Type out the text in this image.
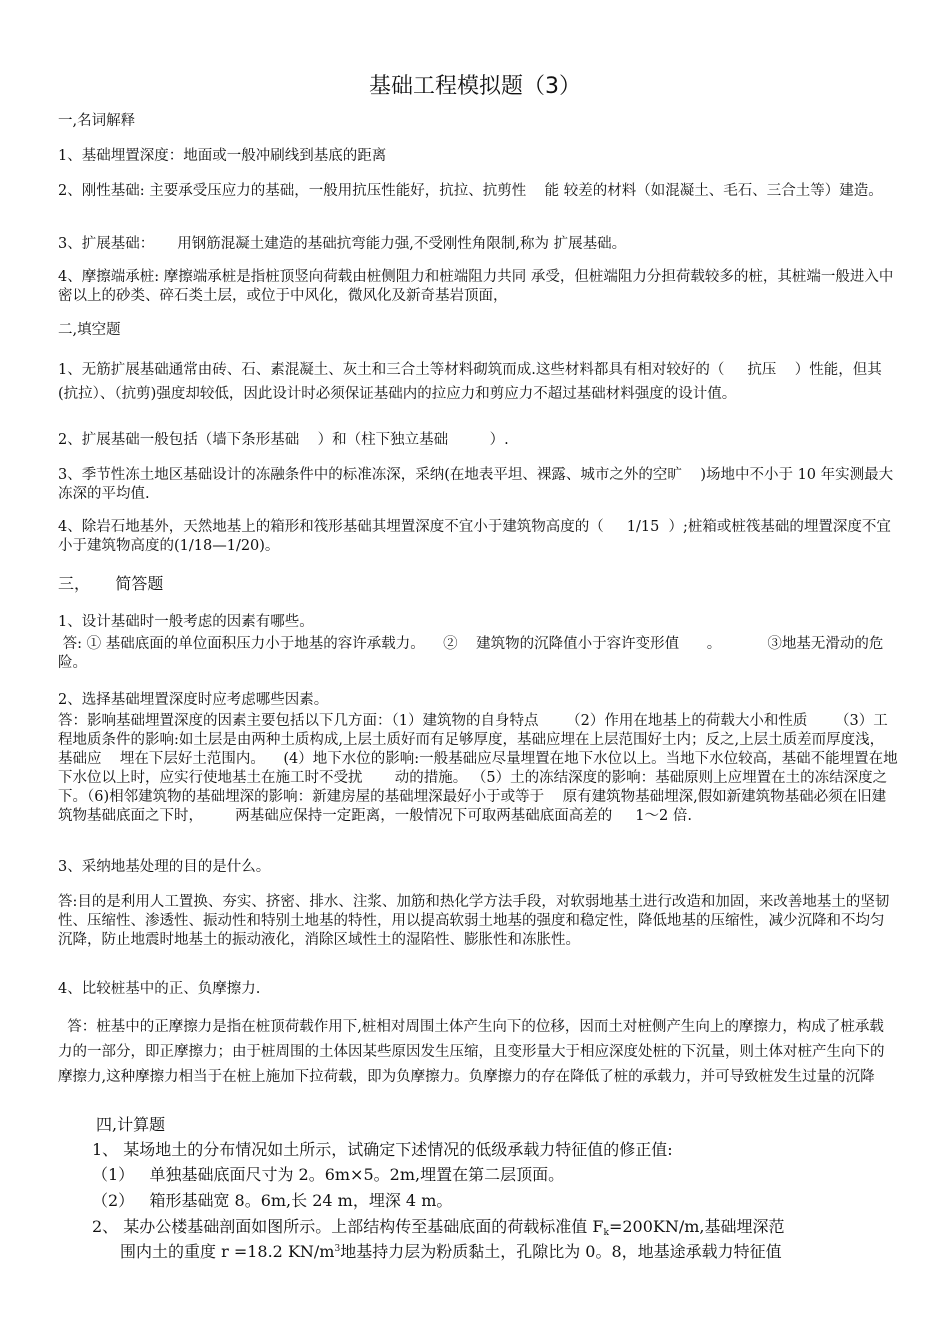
基础工程模拟题（3）
一,名词解释
1、基础埋置深度：地面或一般冲刷线到基底的距离
2、刚性基础: 主要承受压应力的基础，一般用抗压性能好，抗拉、抗剪性    能 较差的材料（如混凝土、毛石、三合土等）建造。
3、扩展基础：     用钢筋混凝土建造的基础抗弯能力强,不受刚性角限制,称为 扩展基础。
4、摩擦端承桩: 摩擦端承桩是指桩顶竖向荷载由桩侧阻力和桩端阻力共同 承受，但桩端阻力分担荷载较多的桩，其桩端一般进入中密以上的砂类、碎石类土层，或位于中风化，微风化及新奇基岩顶面，
二,填空题
1、无筋扩展基础通常由砖、石、素混凝土、灰土和三合土等材料砌筑而成.这些材料都具有相对较好的（     抗压    ）性能，但其(抗拉）、（抗剪)强度却较低，因此设计时必须保证基础内的拉应力和剪应力不超过基础材料强度的设计值。
2、扩展基础一般包括（墙下条形基础    ）和（柱下独立基础         ）.
3、季节性冻土地区基础设计的冻融条件中的标准冻深，采纳(在地表平坦、裸露、城市之外的空旷    )场地中不小于 10 年实测最大冻深的平均值.
4、除岩石地基外，天然地基上的箱形和筏形基础其埋置深度不宜小于建筑物高度的（     1/15  ）;桩箱或桩筏基础的埋置深度不宜小于建筑物高度的(1/18—1/20)。
三，     简答题
1、设计基础时一般考虑的因素有哪些。
答: ① 基础底面的单位面积压力小于地基的容许承载力。    ②    建筑物的沉降值小于容许变形值      。          ③地基无滑动的危险。
2、选择基础埋置深度时应考虑哪些因素。
答：影响基础埋置深度的因素主要包括以下几方面：（1）建筑物的自身特点      （2）作用在地基上的荷载大小和性质      （3）工程地质条件的影响:如土层是由两种土质构成,上层土质好而有足够厚度，基础应埋在上层范围好土内；反之,上层土质差而厚度浅，基础应    埋在下层好土范围内。    (4）地下水位的影响:一般基础应尽量埋置在地下水位以上。当地下水位较高，基础不能埋置在地下水位以上时，应实行使地基土在施工时不受扰       动的措施。 （5）土的冻结深度的影响：基础原则上应埋置在土的冻结深度之下。（6)相邻建筑物的基础埋深的影响：新建房屋的基础埋深最好小于或等于    原有建筑物基础埋深,假如新建筑物基础必须在旧建筑物基础底面之下时，       两基础应保持一定距离，一般情况下可取两基础底面高差的     1～2 倍.
3、采纳地基处理的目的是什么。
答:目的是利用人工置换、夯实、挤密、排水、注浆、加筋和热化学方法手段，对软弱地基土进行改造和加固，来改善地基土的坚韧性、压缩性、渗透性、振动性和特别土地基的特性，用以提高软弱土地基的强度和稳定性，降低地基的压缩性，减少沉降和不均匀沉降，防止地震时地基土的振动液化，消除区域性土的湿陷性、膨胀性和冻胀性。
4、比较桩基中的正、负摩擦力.
答：桩基中的正摩擦力是指在桩顶荷载作用下,桩相对周围土体产生向下的位移，因而土对桩侧产生向上的摩擦力，构成了桩承载力的一部分，即正摩擦力；由于桩周围的土体因某些原因发生压缩，且变形量大于相应深度处桩的下沉量，则土体对桩产生向下的摩擦力,这种摩擦力相当于在桩上施加下拉荷载，即为负摩擦力。负摩擦力的存在降低了桩的承载力，并可导致桩发生过量的沉降
四,计算题
1、 某场地土的分布情况如土所示，试确定下述情况的低级承载力特征值的修正值:
（1）   单独基础底面尺寸为 2。6m×5。2m,埋置在第二层顶面。
（2）   箱形基础宽 8。6m,长 24 m，埋深 4 m。
2、 某办公楼基础剖面如图所示。上部结构传至基础底面的荷载标准值 Fk=200KN/m,基础埋深范
围内土的重度 r =18.2 $KN/m^3$地基持力层为粉质黏土，孔隙比为 0。8，地基途承载力特征值
